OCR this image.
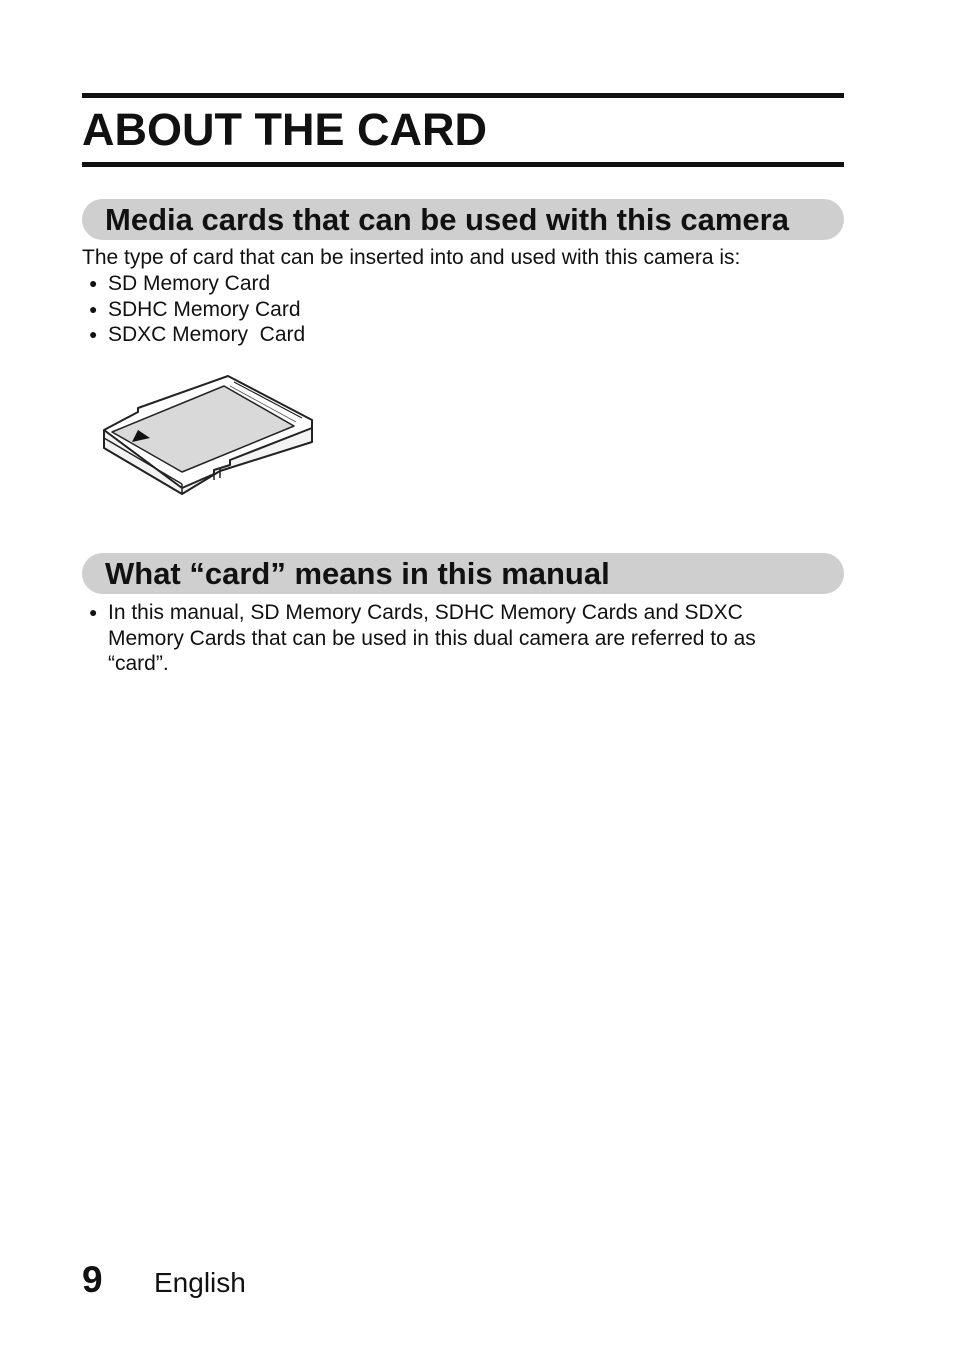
ABOUT THE CARD
Media cards that can be used with this camera
The type of card that can be inserted into and used with this camera is:
● SD Memory Card
● SDHC Memory Card
● SDXC Memory  Card
What “card” means in this manual
● In this manual, SD Memory Cards, SDHC Memory Cards and SDXC Memory Cards that can be used in this dual camera are referred to as “card”.
9 English
